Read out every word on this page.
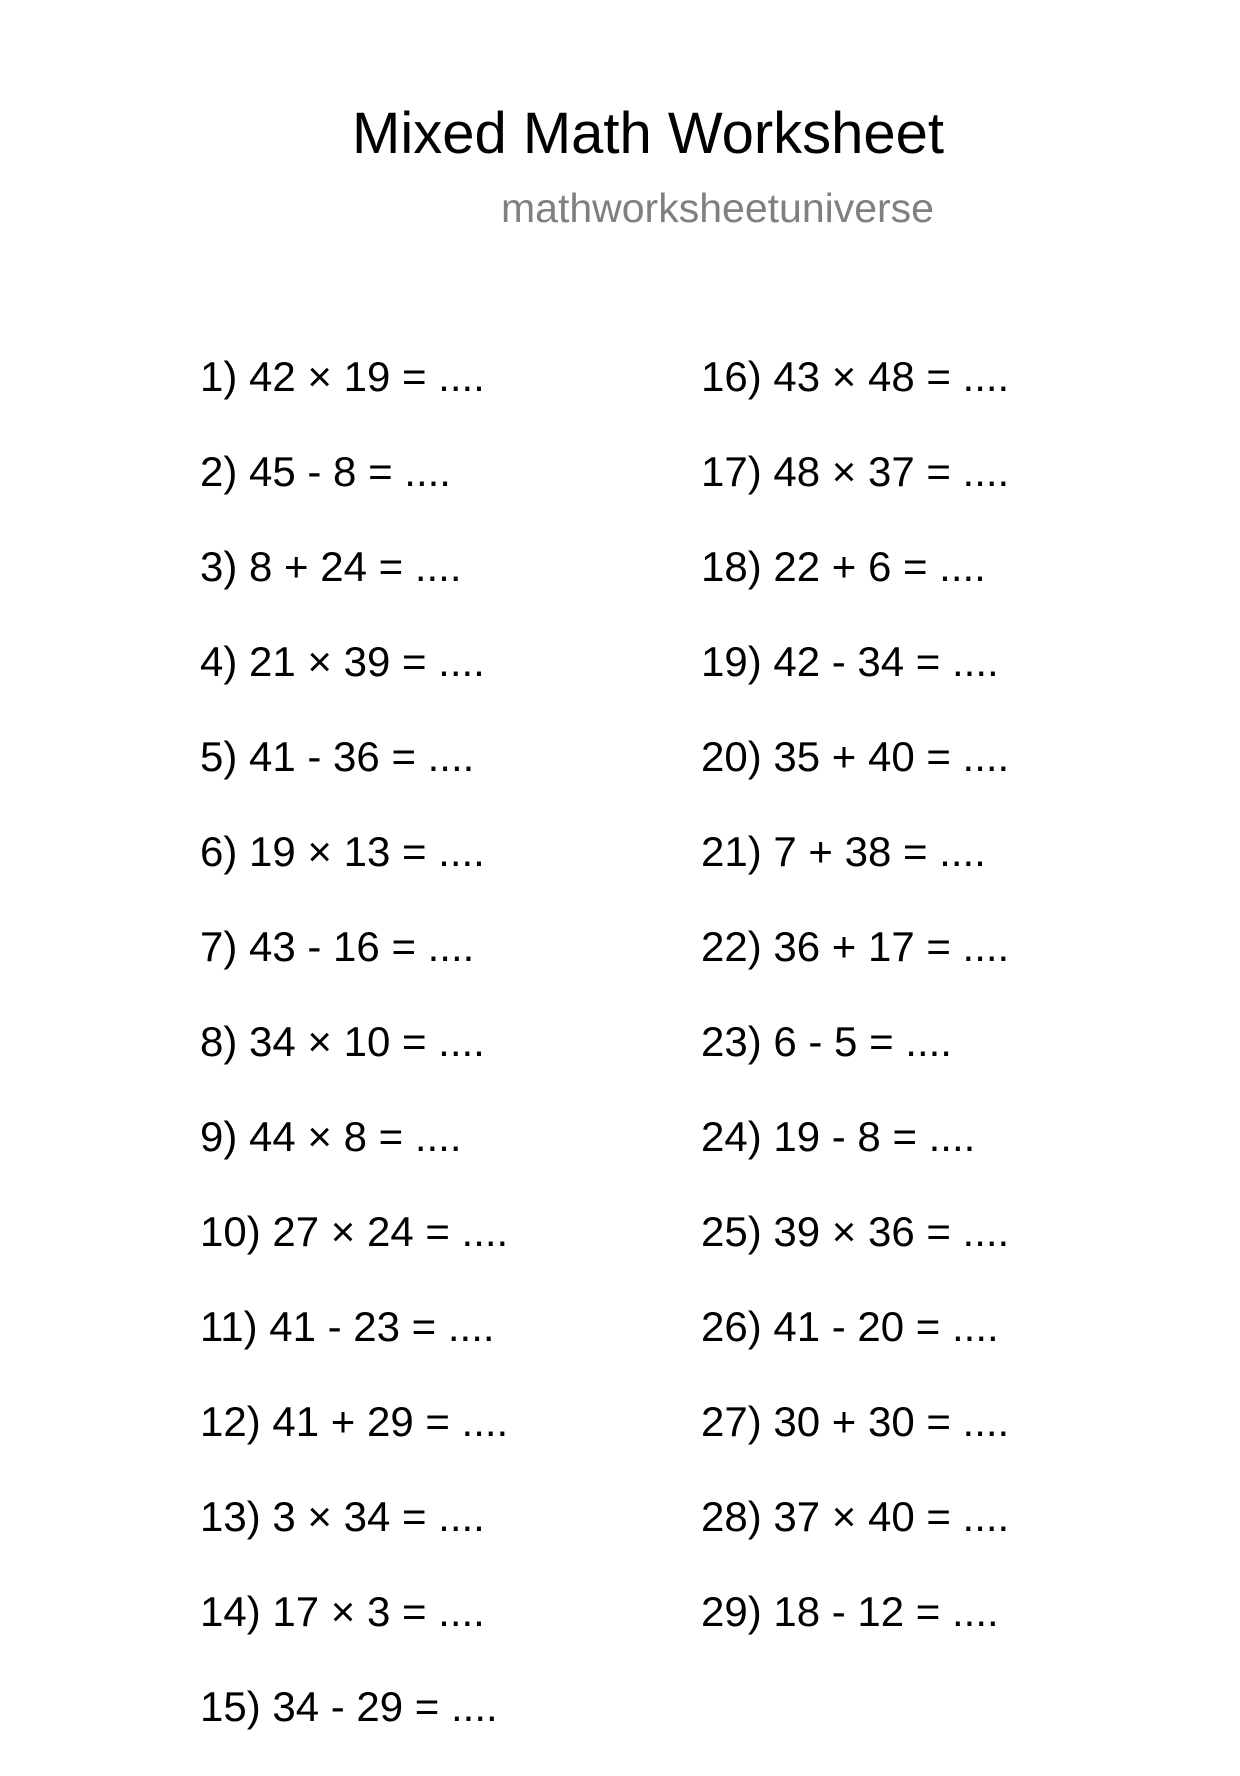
Mixed Math Worksheet
mathworksheetuniverse
1) 42 × 19 = ....
2) 45 - 8 = ....
3) 8 + 24 = ....
4) 21 × 39 = ....
5) 41 - 36 = ....
6) 19 × 13 = ....
7) 43 - 16 = ....
8) 34 × 10 = ....
9) 44 × 8 = ....
10) 27 × 24 = ....
11) 41 - 23 = ....
12) 41 + 29 = ....
13) 3 × 34 = ....
14) 17 × 3 = ....
15) 34 - 29 = ....
16) 43 × 48 = ....
17) 48 × 37 = ....
18) 22 + 6 = ....
19) 42 - 34 = ....
20) 35 + 40 = ....
21) 7 + 38 = ....
22) 36 + 17 = ....
23) 6 - 5 = ....
24) 19 - 8 = ....
25) 39 × 36 = ....
26) 41 - 20 = ....
27) 30 + 30 = ....
28) 37 × 40 = ....
29) 18 - 12 = ....
